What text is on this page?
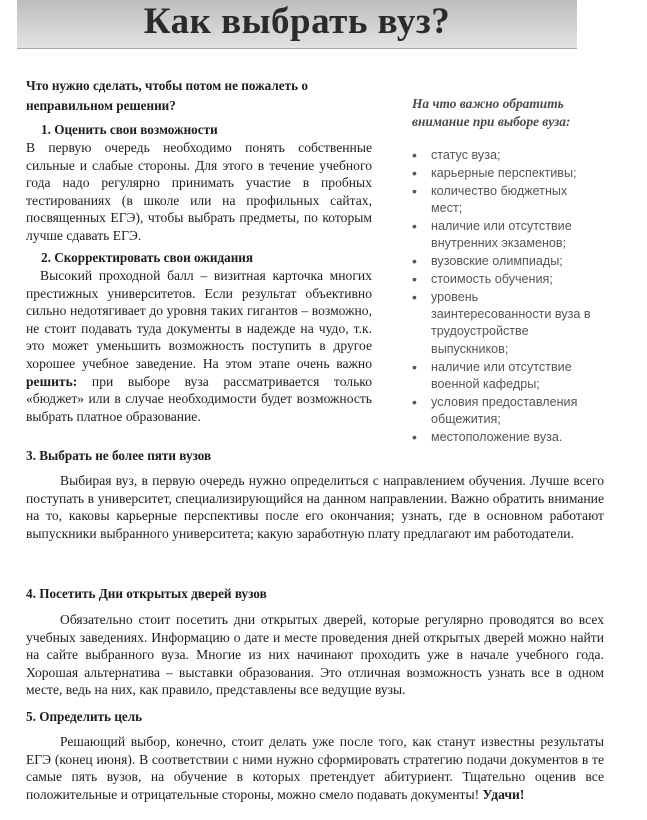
Как выбрать вуз?

Что нужно сделать, чтобы потом не пожалеть о неправильном решении?

1. Оценить свои возможности

В первую очередь необходимо понять собственные сильные и слабые стороны. Для этого в течение учебного года надо регулярно принимать участие в пробных тестированиях (в школе или на профильных сайтах, посвященных ЕГЭ), чтобы выбрать предметы, по которым лучше сдавать ЕГЭ.

2. Скорректировать свои ожидания

Высокий проходной балл – визитная карточка многих престижных университетов. Если результат объективно сильно недотягивает до уровня таких гигантов – возможно, не стоит подавать туда документы в надежде на чудо, т.к. это может уменьшить возможность поступить в другое хорошее учебное заведение. На этом этапе очень важно решить: при выборе вуза рассматривается только «бюджет» или в случае необходимости будет возможность выбрать платное образование.

На что важно обратить внимание при выборе вуза:

• статус вуза;
• карьерные перспективы;
• количество бюджетных мест;
• наличие или отсутствие внутренних экзаменов;
• вузовские олимпиады;
• стоимость обучения;
• уровень заинтересованности вуза в трудоустройстве выпускников;
• наличие или отсутствие военной кафедры;
• условия предоставления общежития;
• местоположение вуза.

3. Выбрать не более пяти вузов

Выбирая вуз, в первую очередь нужно определиться с направлением обучения. Лучше всего поступать в университет, специализирующийся на данном направлении. Важно обратить внимание на то, каковы карьерные перспективы после его окончания; узнать, где в основном работают выпускники выбранного университета; какую заработную плату предлагают им работодатели.

4. Посетить Дни открытых дверей вузов

Обязательно стоит посетить дни открытых дверей, которые регулярно проводятся во всех учебных заведениях. Информацию о дате и месте проведения дней открытых дверей можно найти на сайте выбранного вуза. Многие из них начинают проходить уже в начале учебного года. Хорошая альтернатива – выставки образования. Это отличная возможность узнать все в одном месте, ведь на них, как правило, представлены все ведущие вузы.

5. Определить цель

Решающий выбор, конечно, стоит делать уже после того, как станут известны результаты ЕГЭ (конец июня). В соответствии с ними нужно сформировать стратегию подачи документов в те самые пять вузов, на обучение в которых претендует абитуриент. Тщательно оценив все положительные и отрицательные стороны, можно смело подавать документы! Удачи!
